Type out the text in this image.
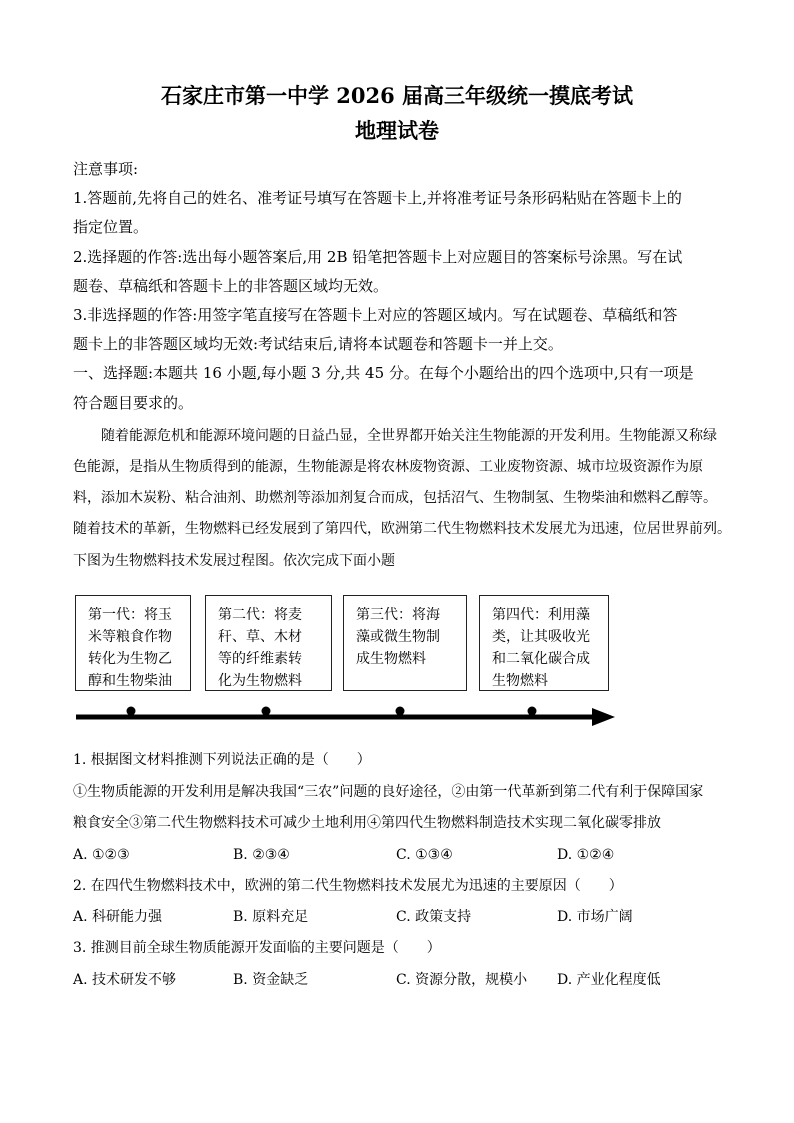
石家庄市第一中学 2026 届高三年级统一摸底考试
地理试卷
注意事项:
1.答题前,先将自己的姓名、准考证号填写在答题卡上,并将准考证号条形码粘贴在答题卡上的
指定位置。
2.选择题的作答:选出每小题答案后,用 2B 铅笔把答题卡上对应题目的答案标号涂黑。写在试
题卷、草稿纸和答题卡上的非答题区域均无效。
3.非选择题的作答:用签字笔直接写在答题卡上对应的答题区域内。写在试题卷、草稿纸和答
题卡上的非答题区域均无效:考试结束后,请将本试题卷和答题卡一并上交。
一、选择题:本题共 16 小题,每小题 3 分,共 45 分。在每个小题给出的四个选项中,只有一项是
符合题目要求的。
随着能源危机和能源环境问题的日益凸显，全世界都开始关注生物能源的开发利用。生物能源又称绿
色能源，是指从生物质得到的能源，生物能源是将农林废物资源、工业废物资源、城市垃圾资源作为原
料，添加木炭粉、粘合油剂、助燃剂等添加剂复合而成，包括沼气、生物制氢、生物柴油和燃料乙醇等。
随着技术的革新，生物燃料已经发展到了第四代，欧洲第二代生物燃料技术发展尤为迅速，位居世界前列。
下图为生物燃料技术发展过程图。依次完成下面小题
第一代：将玉
米等粮食作物
转化为生物乙
醇和生物柴油
第二代：将麦
秆、草、木材
等的纤维素转
化为生物燃料
第三代：将海
藻或微生物制
成生物燃料
第四代：利用藻
类，让其吸收光
和二氧化碳合成
生物燃料
1. 根据图文材料推测下列说法正确的是（　　）
①生物质能源的开发利用是解决我国“三农”问题的良好途径，②由第一代革新到第二代有利于保障国家
粮食安全③第二代生物燃料技术可减少土地利用④第四代生物燃料制造技术实现二氧化碳零排放
A. ①②③	B. ②③④	C. ①③④	D. ①②④
2. 在四代生物燃料技术中，欧洲的第二代生物燃料技术发展尤为迅速的主要原因（　　）
A. 科研能力强	B. 原料充足	C. 政策支持	D. 市场广阔
3. 推测目前全球生物质能源开发面临的主要问题是（　　）
A. 技术研发不够	B. 资金缺乏	C. 资源分散，规模小 D. 产业化程度低
